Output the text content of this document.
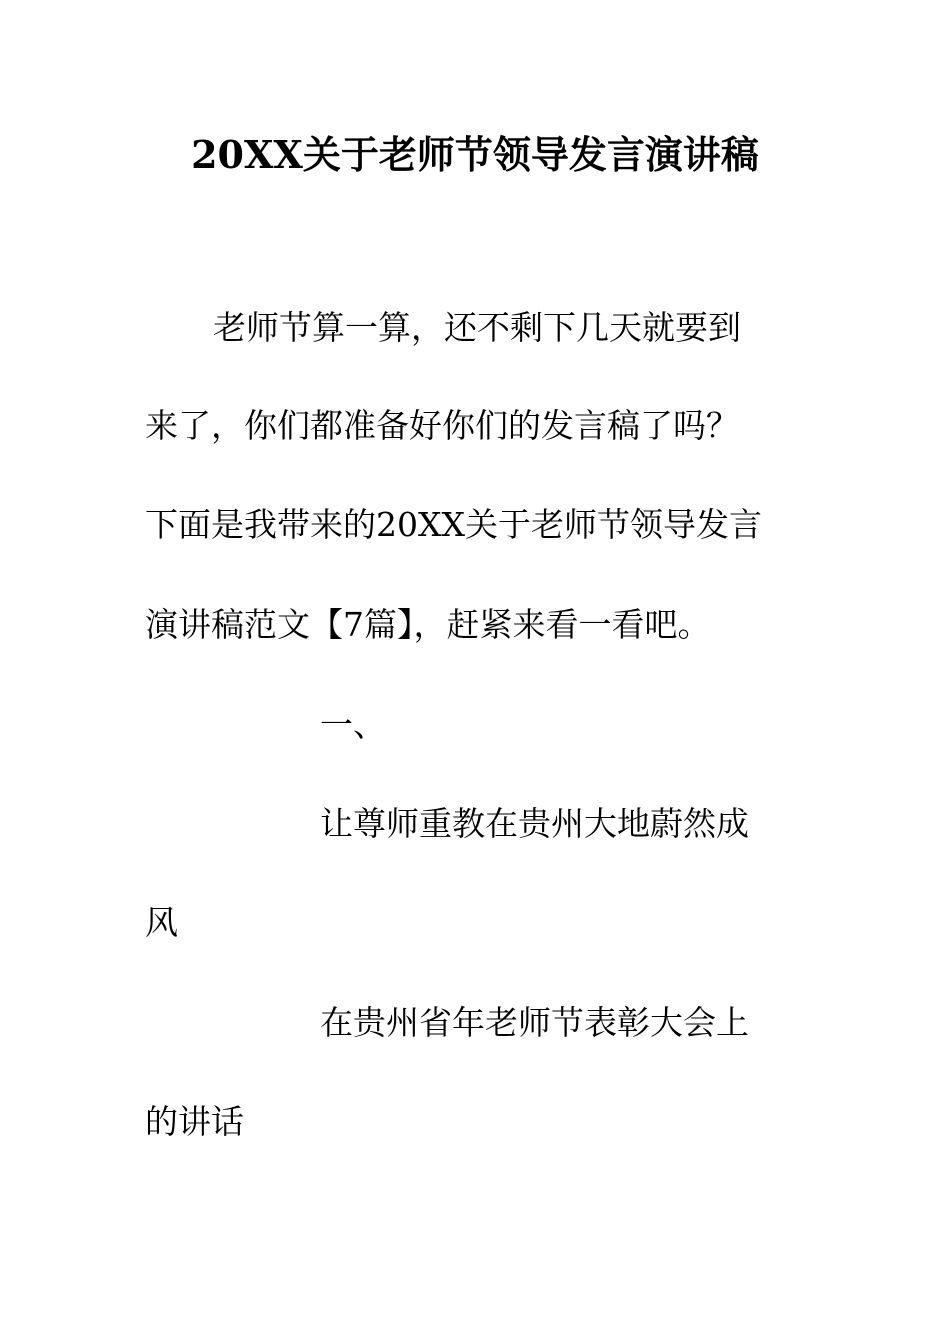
20XX关于老师节领导发言演讲稿
老师节算一算，还不剩下几天就要到
来了，你们都准备好你们的发言稿了吗？
下面是我带来的20XX关于老师节领导发言
演讲稿范文【7篇】，赶紧来看一看吧。
一、
让尊师重教在贵州大地蔚然成
风
在贵州省年老师节表彰大会上
的讲话
